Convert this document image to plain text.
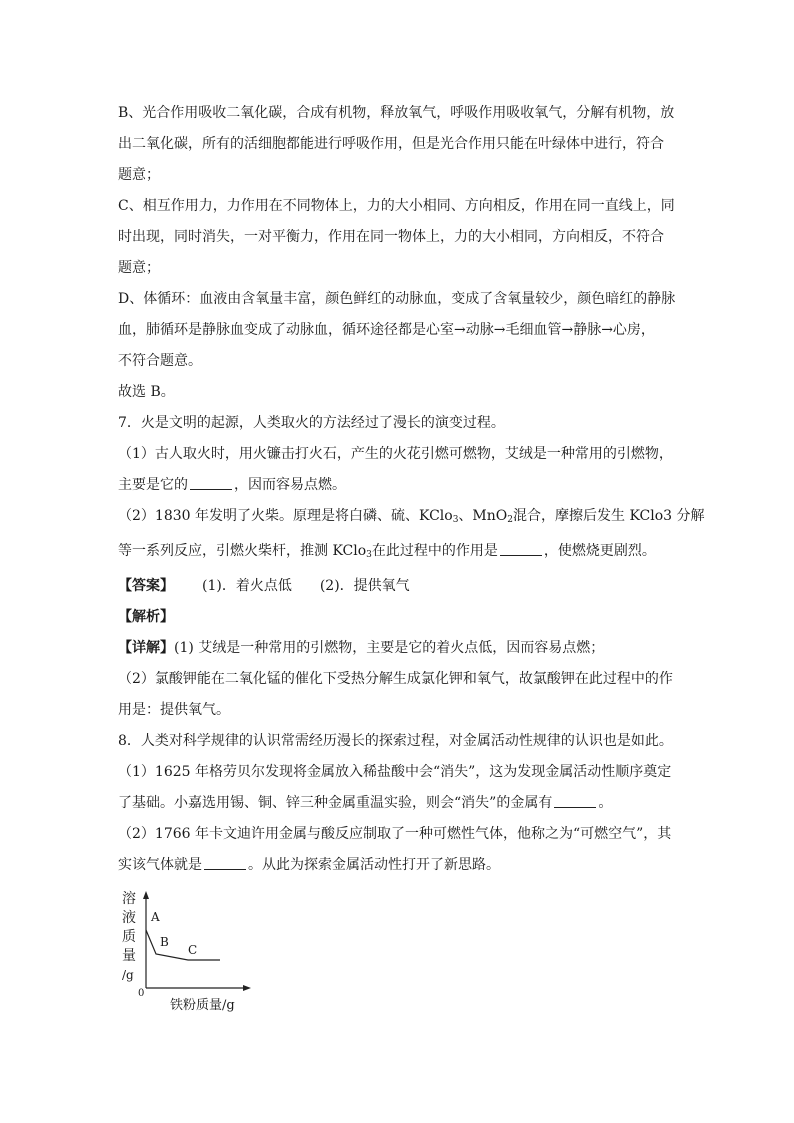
B、光合作用吸收二氧化碳，合成有机物，释放氧气，呼吸作用吸收氧气，分解有机物，放
出二氧化碳，所有的活细胞都能进行呼吸作用，但是光合作用只能在叶绿体中进行，符合
题意；
C、相互作用力，力作用在不同物体上，力的大小相同、方向相反，作用在同一直线上，同
时出现，同时消失，一对平衡力，作用在同一物体上，力的大小相同，方向相反，不符合
题意；
D、体循环：血液由含氧量丰富，颜色鲜红的动脉血，变成了含氧量较少，颜色暗红的静脉
血，肺循环是静脉血变成了动脉血，循环途径都是心室→动脉→毛细血管→静脉→心房，
不符合题意。
故选 B。
7．火是文明的起源，人类取火的方法经过了漫长的演变过程。
（1）古人取火时，用火镰击打火石，产生的火花引燃可燃物，艾绒是一种常用的引燃物，
主要是它的	，因而容易点燃。
（2）1830 年发明了火柴。原理是将白磷、硫、KClo$_3$、MnO$_2$混合，摩擦后发生 KClo3 分解
等一系列反应，引燃火柴杆，推测 KClo$_3$在此过程中的作用是	，使燃烧更剧烈。
【答案】 (1)．着火点低 (2)．提供氧气
【解析】
【详解】(1) 艾绒是一种常用的引燃物，主要是它的着火点低，因而容易点燃；
（2）氯酸钾能在二氧化锰的催化下受热分解生成氯化钾和氧气，故氯酸钾在此过程中的作
用是：提供氧气。
8．人类对科学规律的认识常需经历漫长的探索过程，对金属活动性规律的认识也是如此。
（1）1625 年格劳贝尔发现将金属放入稀盐酸中会“消失”，这为发现金属活动性顺序奠定
了基础。小嘉选用锡、铜、锌三种金属重温实验，则会“消失”的金属有	。
（2）1766 年卡文迪许用金属与酸反应制取了一种可燃性气体，他称之为“可燃空气”，其
实该气体就是	。从此为探索金属活动性打开了新思路。
溶
液
质
量
/g
0
A
B
C
铁粉质量/g
